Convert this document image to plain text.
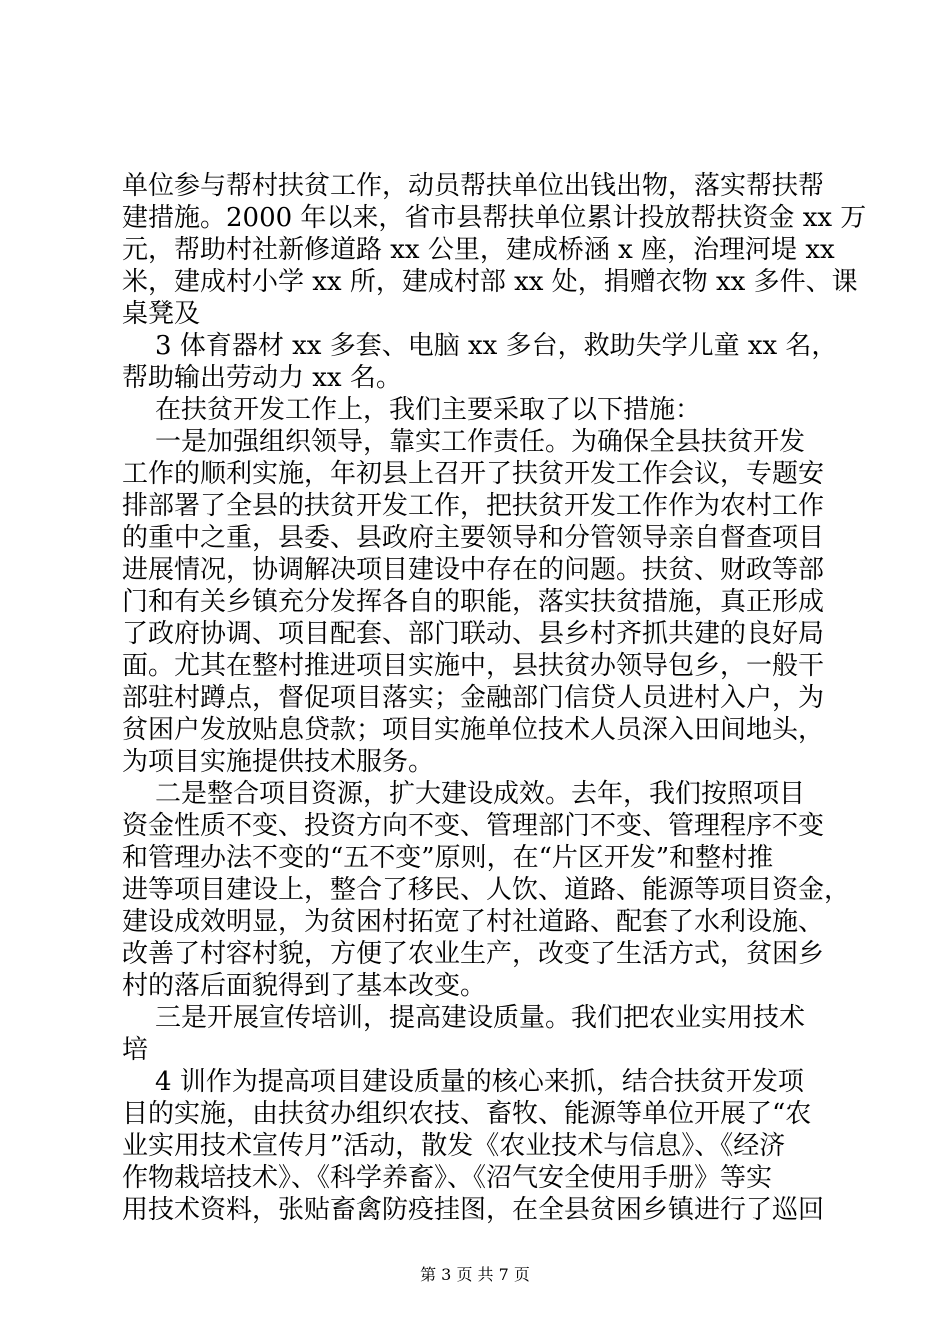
单位参与帮村扶贫工作，动员帮扶单位出钱出物，落实帮扶帮
建措施。2000 年以来，省市县帮扶单位累计投放帮扶资金 xx 万
元，帮助村社新修道路 xx 公里，建成桥涵 x 座，治理河堤 xx
米，建成村小学 xx 所，建成村部 xx 处，捐赠衣物 xx 多件、课
桌凳及
3 体育器材 xx 多套、电脑 xx 多台，救助失学儿童 xx 名，
帮助输出劳动力 xx 名。
在扶贫开发工作上，我们主要采取了以下措施：
一是加强组织领导，靠实工作责任。为确保全县扶贫开发
工作的顺利实施，年初县上召开了扶贫开发工作会议，专题安
排部署了全县的扶贫开发工作，把扶贫开发工作作为农村工作
的重中之重，县委、县政府主要领导和分管领导亲自督查项目
进展情况，协调解决项目建设中存在的问题。扶贫、财政等部
门和有关乡镇充分发挥各自的职能，落实扶贫措施，真正形成
了政府协调、项目配套、部门联动、县乡村齐抓共建的良好局
面。尤其在整村推进项目实施中，县扶贫办领导包乡，一般干
部驻村蹲点，督促项目落实；金融部门信贷人员进村入户，为
贫困户发放贴息贷款；项目实施单位技术人员深入田间地头，
为项目实施提供技术服务。
二是整合项目资源，扩大建设成效。去年，我们按照项目
资金性质不变、投资方向不变、管理部门不变、管理程序不变
和管理办法不变的“五不变”原则，在“片区开发”和整村推
进等项目建设上，整合了移民、人饮、道路、能源等项目资金，
建设成效明显，为贫困村拓宽了村社道路、配套了水利设施、
改善了村容村貌，方便了农业生产，改变了生活方式，贫困乡
村的落后面貌得到了基本改变。
三是开展宣传培训，提高建设质量。我们把农业实用技术
培
4 训作为提高项目建设质量的核心来抓，结合扶贫开发项
目的实施，由扶贫办组织农技、畜牧、能源等单位开展了“农
业实用技术宣传月”活动，散发《农业技术与信息》、《经济
作物栽培技术》、《科学养畜》、《沼气安全使用手册》等实
用技术资料，张贴畜禽防疫挂图，在全县贫困乡镇进行了巡回
第 3 页 共 7 页
